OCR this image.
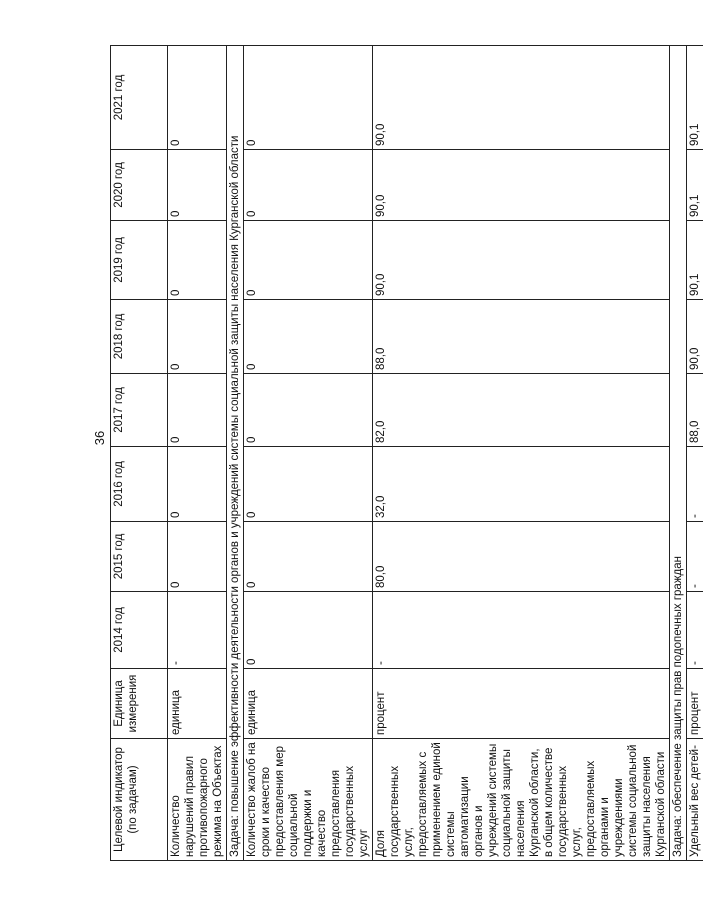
36
Целевой индикатор (по задачам)	Единица измерения	2014 год	2015 год	2016 год	2017 год	2018 год	2019 год	2020 год	2021 год
Количество нарушений правил противопожарного режима на Объектах	единица	-	0	0	0	0	0	0	0
Задача: повышение эффективности деятельности органов и учреждений системы социальной защиты населения Курганской области									
Количество жалоб на сроки и качество предоставления мер социальной поддержки и качество предоставления государственных услуг	единица	0	0	0	0	0	0	0	0
Доля государственных услуг, предоставляемых с применением единой системы автоматизации органов и учреждений системы социальной защиты населения Курганской области, в общем количестве государственных услуг, предоставляемых органами и учреждениями системы социальной защиты населения Курганской области	процент	-	80,0	32,0	82,0	88,0	90,0	90,0	90,0
Задача: обеспечение защиты прав подопечных граждан									
Удельный вес детей-	процент	-	-	-	88,0	90,0	90,1	90,1	90,1
